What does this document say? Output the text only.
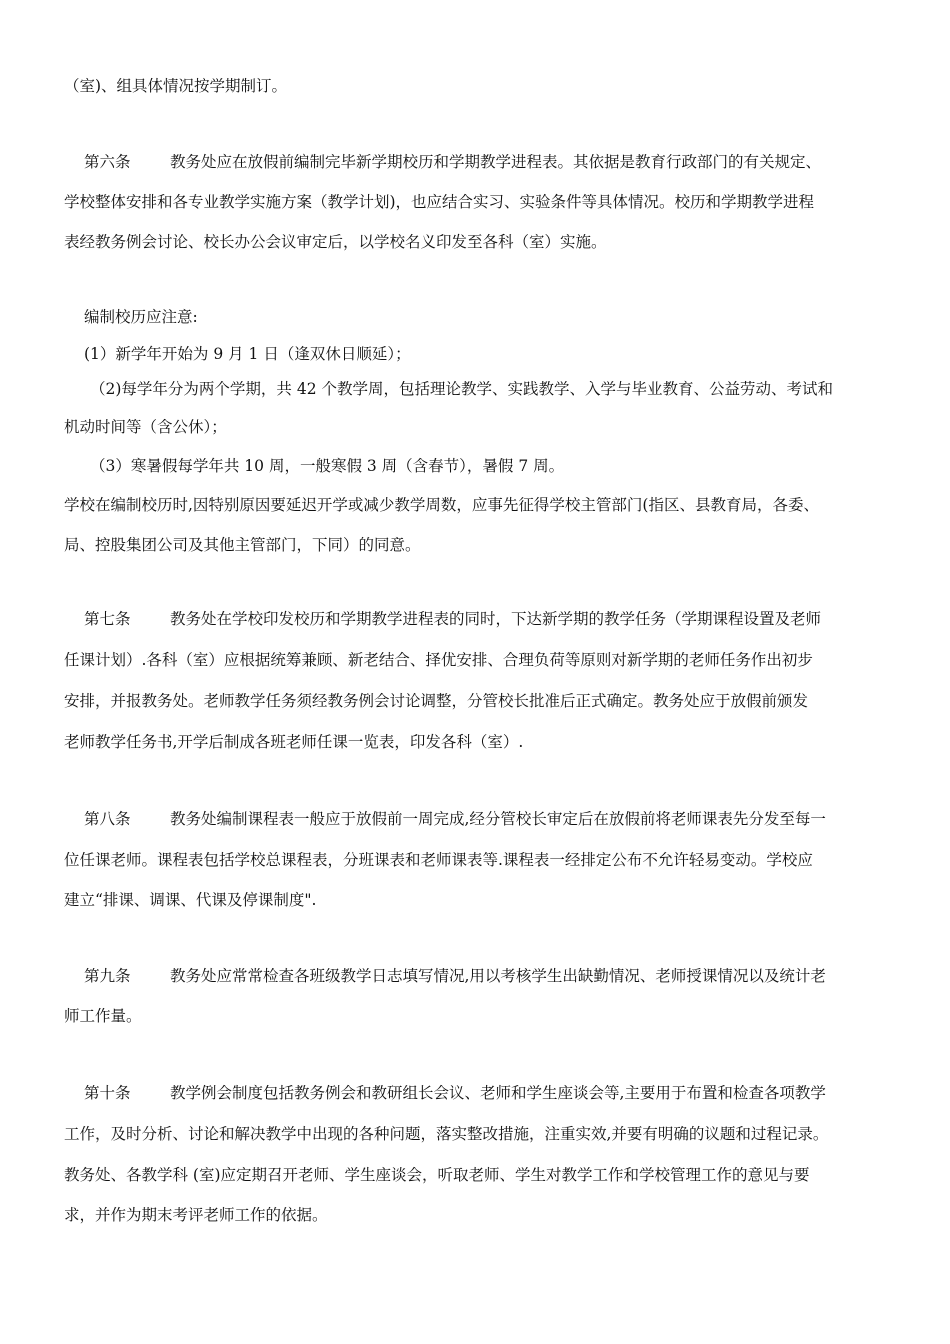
（室)、组具体情况按学期制订。
第六条	教务处应在放假前编制完毕新学期校历和学期教学进程表。其依据是教育行政部门的有关规定、
学校整体安排和各专业教学实施方案（教学计划)，也应结合实习、实验条件等具体情况。校历和学期教学进程
表经教务例会讨论、校长办公会议审定后，以学校名义印发至各科（室）实施。
编制校历应注意:
(1）新学年开始为 9 月 1 日（逢双休日顺延）；
（2)每学年分为两个学期，共 42 个教学周，包括理论教学、实践教学、入学与毕业教育、公益劳动、考试和
机动时间等（含公休）；
（3）寒暑假每学年共 10 周，一般寒假 3 周（含春节），暑假 7 周。
学校在编制校历时,因特别原因要延迟开学或减少教学周数，应事先征得学校主管部门(指区、县教育局，各委、
局、控股集团公司及其他主管部门，下同）的同意。
第七条	教务处在学校印发校历和学期教学进程表的同时，下达新学期的教学任务（学期课程设置及老师
任课计划）.各科（室）应根据统筹兼顾、新老结合、择优安排、合理负荷等原则对新学期的老师任务作出初步
安排，并报教务处。老师教学任务须经教务例会讨论调整，分管校长批准后正式确定。教务处应于放假前颁发
老师教学任务书,开学后制成各班老师任课一览表，印发各科（室）.
第八条	教务处编制课程表一般应于放假前一周完成,经分管校长审定后在放假前将老师课表先分发至每一
位任课老师。课程表包括学校总课程表，分班课表和老师课表等.课程表一经排定公布不允许轻易变动。学校应
建立“排课、调课、代课及停课制度".
第九条	教务处应常常检查各班级教学日志填写情况,用以考核学生出缺勤情况、老师授课情况以及统计老
师工作量。
第十条	教学例会制度包括教务例会和教研组长会议、老师和学生座谈会等,主要用于布置和检查各项教学
工作，及时分析、讨论和解决教学中出现的各种问题，落实整改措施，注重实效,并要有明确的议题和过程记录。
教务处、各教学科 (室)应定期召开老师、学生座谈会，听取老师、学生对教学工作和学校管理工作的意见与要
求，并作为期末考评老师工作的依据。
